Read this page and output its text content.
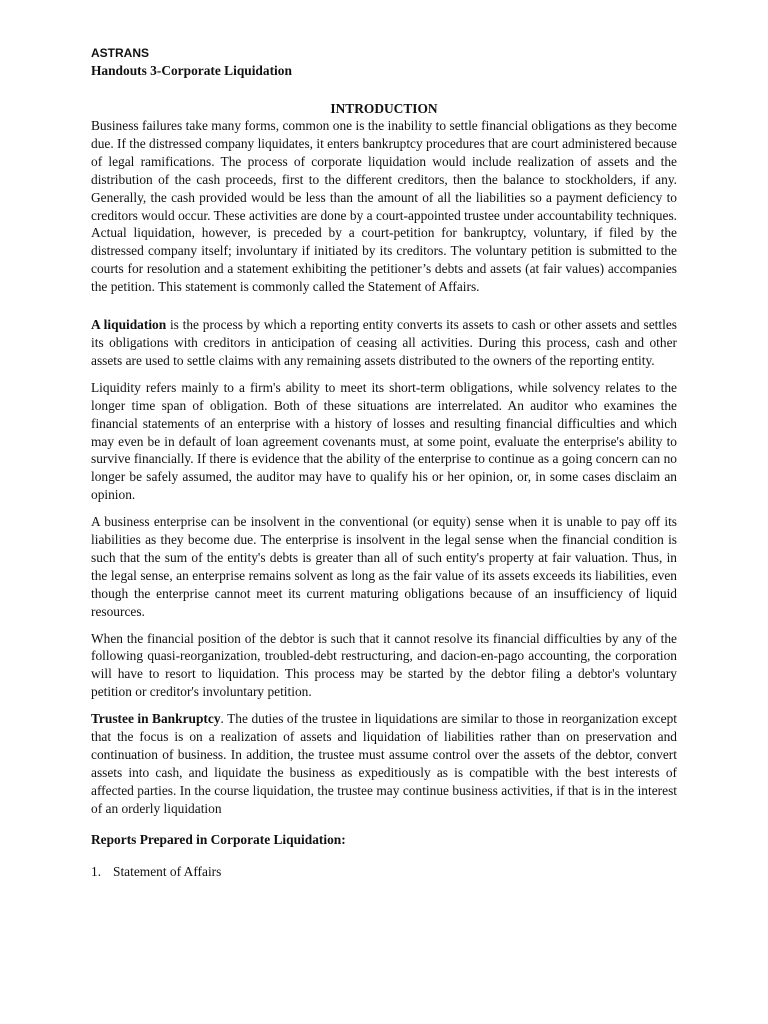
ASTRANS
Handouts 3-Corporate Liquidation
INTRODUCTION

Business failures take many forms, common one is the inability to settle financial obligations as they become due. If the distressed company liquidates, it enters bankruptcy procedures that are court administered because of legal ramifications. The process of corporate liquidation would include realization of assets and the distribution of the cash proceeds, first to the different creditors, then the balance to stockholders, if any. Generally, the cash provided would be less than the amount of all the liabilities so a payment deficiency to creditors would occur. These activities are done by a court-appointed trustee under accountability techniques. Actual liquidation, however, is preceded by a court-petition for bankruptcy, voluntary, if filed by the distressed company itself; involuntary if initiated by its creditors. The voluntary petition is submitted to the courts for resolution and a statement exhibiting the petitioner’s debts and assets (at fair values) accompanies the petition. This statement is commonly called the Statement of Affairs.

A liquidation is the process by which a reporting entity converts its assets to cash or other assets and settles its obligations with creditors in anticipation of ceasing all activities. During this process, cash and other assets are used to settle claims with any remaining assets distributed to the owners of the reporting entity.

Liquidity refers mainly to a firm's ability to meet its short-term obligations, while solvency relates to the longer time span of obligation. Both of these situations are interrelated. An auditor who examines the financial statements of an enterprise with a history of losses and resulting financial difficulties and which may even be in default of loan agreement covenants must, at some point, evaluate the enterprise's ability to survive financially. If there is evidence that the ability of the enterprise to continue as a going concern can no longer be safely assumed, the auditor may have to qualify his or her opinion, or, in some cases disclaim an opinion.

A business enterprise can be insolvent in the conventional (or equity) sense when it is unable to pay off its liabilities as they become due. The enterprise is insolvent in the legal sense when the financial condition is such that the sum of the entity's debts is greater than all of such entity's property at fair valuation. Thus, in the legal sense, an enterprise remains solvent as long as the fair value of its assets exceeds its liabilities, even though the enterprise cannot meet its current maturing obligations because of an insufficiency of liquid resources.

When the financial position of the debtor is such that it cannot resolve its financial difficulties by any of the following quasi-reorganization, troubled-debt restructuring, and dacion-en-pago accounting, the corporation will have to resort to liquidation. This process may be started by the debtor filing a debtor's voluntary petition or creditor's involuntary petition.

Trustee in Bankruptcy. The duties of the trustee in liquidations are similar to those in reorganization except that the focus is on a realization of assets and liquidation of liabilities rather than on preservation and continuation of business. In addition, the trustee must assume control over the assets of the debtor, convert assets into cash, and liquidate the business as expeditiously as is compatible with the best interests of affected parties. In the course liquidation, the trustee may continue business activities, if that is in the interest of an orderly liquidation

Reports Prepared in Corporate Liquidation:
1. Statement of Affairs
